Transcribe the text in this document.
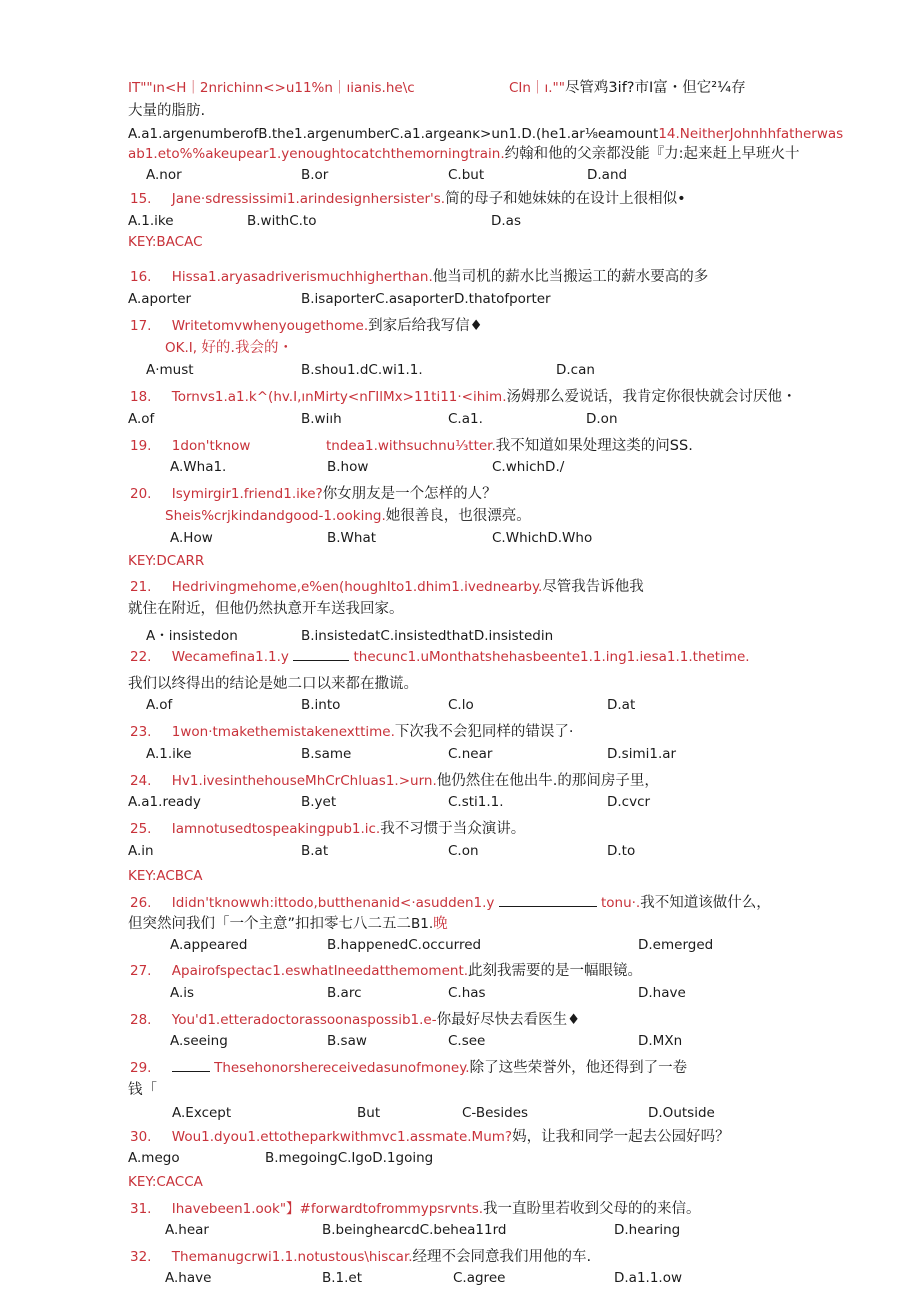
IT""ın<H｜2nrichinn<>u11%n｜ıianis.he\c	CIn｜ı.""尽管鸡3if?市Ⅰ富・但它²¼存
大量的脂肪.
A.a1.argenumberofB.the1.argenumberC.a1.argeanĸ>un1.D.(he1.ar⅛eamount14.NeitherJohnhhfatherwas
ab1.eto%%akeupear1.yenoughtocatchthemorningtrain.约翰和他的父亲都没能『力:起来赶上早班火十
A.nor	B.or	C.but	D.and
15. Jane·sdressissimi1.arindesignhersister's.简的母子和她妹妹的在设计上很相似•
A.1.ike	B.withC.to	D.as
KEY:BACAC
16. Hissa1.aryasadriverismuchhigherthan.他当司机的薪水比当搬运工的薪水要高的多
A.aporter	B.isaporterC.asaporterD.thatofporter
17. Writetomvwhenyougethome.到家后给我写信♦
OK.I, 好的.我会的・
A·must	B.shou1.dC.wi1.1.	D.can
18. Tornvs1.a1.k^(hv.I,ınMirty<nΓIlMx>11ti11·<ihim.汤姆那么爱说话，我肯定你很快就会讨厌他・
A.of	B.wiıh	C.a1.	D.on
19. 1don'tknow	tndea1.withsuchnu⅓tter.我不知道如果处理这类的问SS.
A.Wha1.	B.how	C.whichD./
20. Isymirgir1.friend1.ike?你女朋友是一个怎样的人？
Sheis%crjkindandgood-1.ooking.她很善良，也很漂亮。
A.How	B.What	C.WhichD.Who
KEY:DCARR
21. Hedrivingmehome,e%en(houghIto1.dhim1.ivednearby.尽管我告诉他我
就住在附近，但他仍然执意开车送我回家。
A・insistedon	B.insistedatC.insistedthatD.insistedin
22. Wecamefina1.1.y	thecunc1.uMonthatshehasbeente1.1.ing1.iesa1.1.thetime.
我们以终得出的结论是她二口以来都在撒谎。
A.of	B.into	C.lo	D.at
23. 1won·tmakethemistakenexttime.下次我不会犯同样的错误了·
A.1.ike	B.same	C.near	D.simi1.ar
24. Hv1.ivesinthehouseMhCrChluas1.>urn.他仍然住在他出牛.的那间房子里，
A.a1.ready	B.yet	C.sti1.1.	D.cvcr
25. Iamnotusedtospeakingpub1.ic.我不习惯于当众演讲。
A.in	B.at	C.on	D.to
KEY:ACBCA
26. Ididn'tknowwh:ittodo,butthenanid<·asudden1.y	tonu·.我不知道该做什么，
但突然问我们「一个主意”扣扣零七八二五二B1.晚
A.appeared	B.happenedC.occurred	D.emerged
27. Apairofspectac1.eswhatIneedatthemoment.此刻我需要的是一幅眼镜。
A.is	B.arc	C.has	D.have
28. You'd1.etteradoctorassoonaspossib1.e-你最好尽快去看医生♦
A.seeing	B.saw	C.see	D.MXn
29.	Thesehonorshereceivedasunofmoney.除了这些荣誉外，他还得到了一卷
钱「
A.Except	But	C-Besides	D.Outside
30. Wou1.dyou1.ettotheparkwithmvc1.assmate.Mum?妈，让我和同学一起去公园好吗？
A.mego	B.megoingC.IgoD.1going
KEY:CACCA
31. Ihavebeen1.ook"】#forwardtofrommypsrvnts.我一直盼里若收到父母的的来信。
A.hear	B.beinghearcdC.behea11rd	D.hearing
32. Themanugcrwi1.1.notustous\hiscar.经理不会同意我们用他的车.
A.have	B.1.et	C.agree	D.a1.1.ow
